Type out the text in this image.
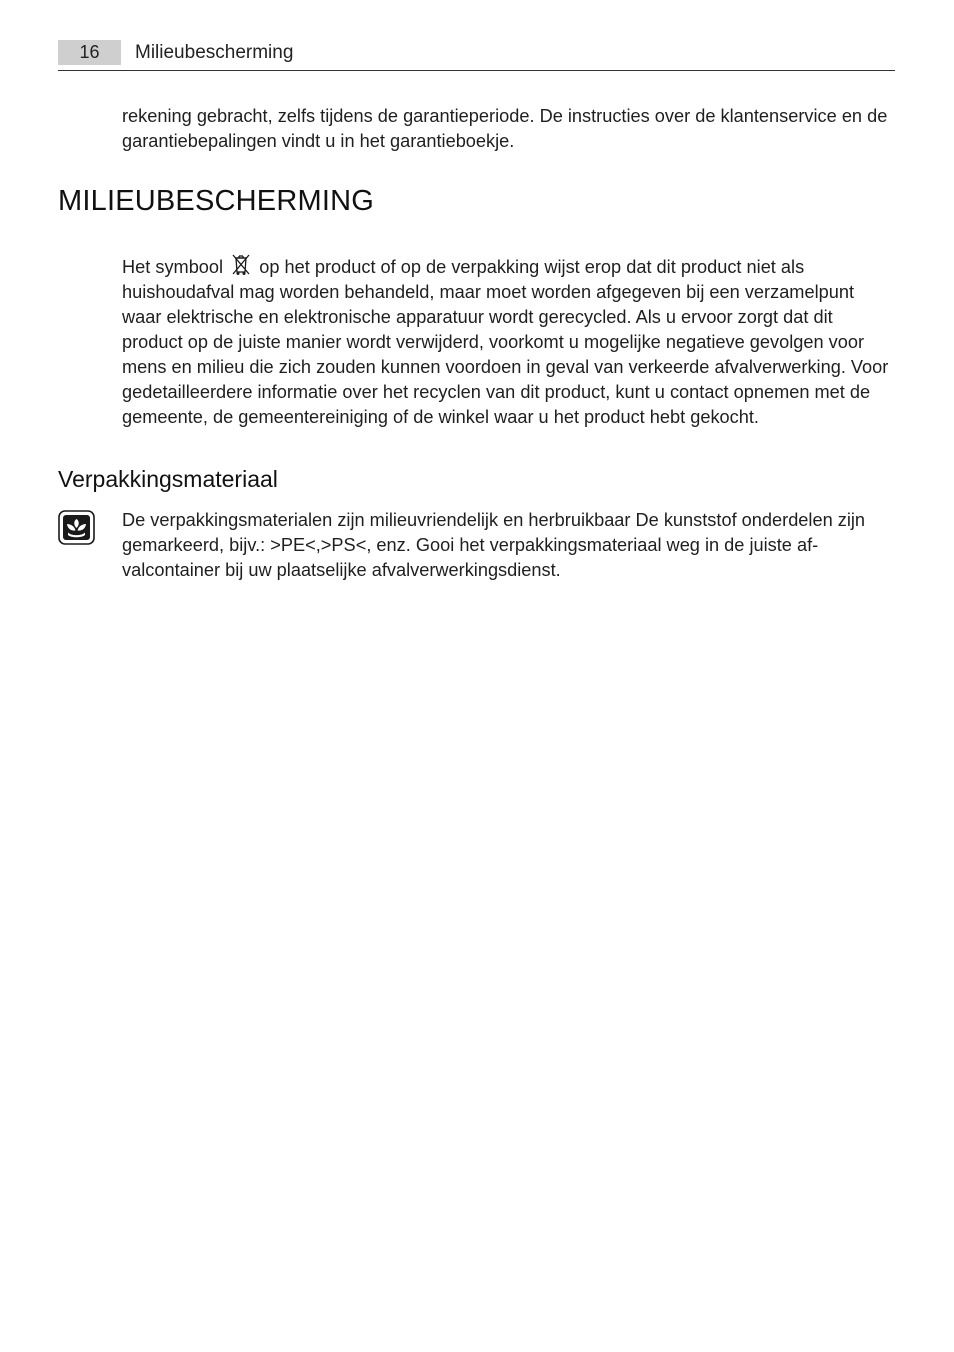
16	Milieubescherming
rekening gebracht, zelfs tijdens de garantieperiode. De instructies over de klantenservice en de garantiebepalingen vindt u in het garantieboekje.
MILIEUBESCHERMING
Het symbool op het product of op de verpakking wijst erop dat dit product niet als huishoudafval mag worden behandeld, maar moet worden afgegeven bij een verzamelpunt waar elektrische en elektronische apparatuur wordt gerecycled. Als u ervoor zorgt dat dit product op de juiste manier wordt verwijderd, voorkomt u mogelijke negatieve gevolgen voor mens en milieu die zich zouden kunnen voordoen in geval van verkeerde afvalverwerking. Voor gedetailleerdere informatie over het recyclen van dit product, kunt u contact opnemen met de gemeente, de gemeentereiniging of de winkel waar u het product hebt gekocht.
Verpakkingsmateriaal
De verpakkingsmaterialen zijn milieuvriendelijk en herbruikbaar De kunststof onderdelen zijn gemarkeerd, bijv.: >PE<,>PS<, enz. Gooi het verpakkingsmateriaal weg in de juiste af-valcontainer bij uw plaatselijke afvalverwerkingsdienst.
